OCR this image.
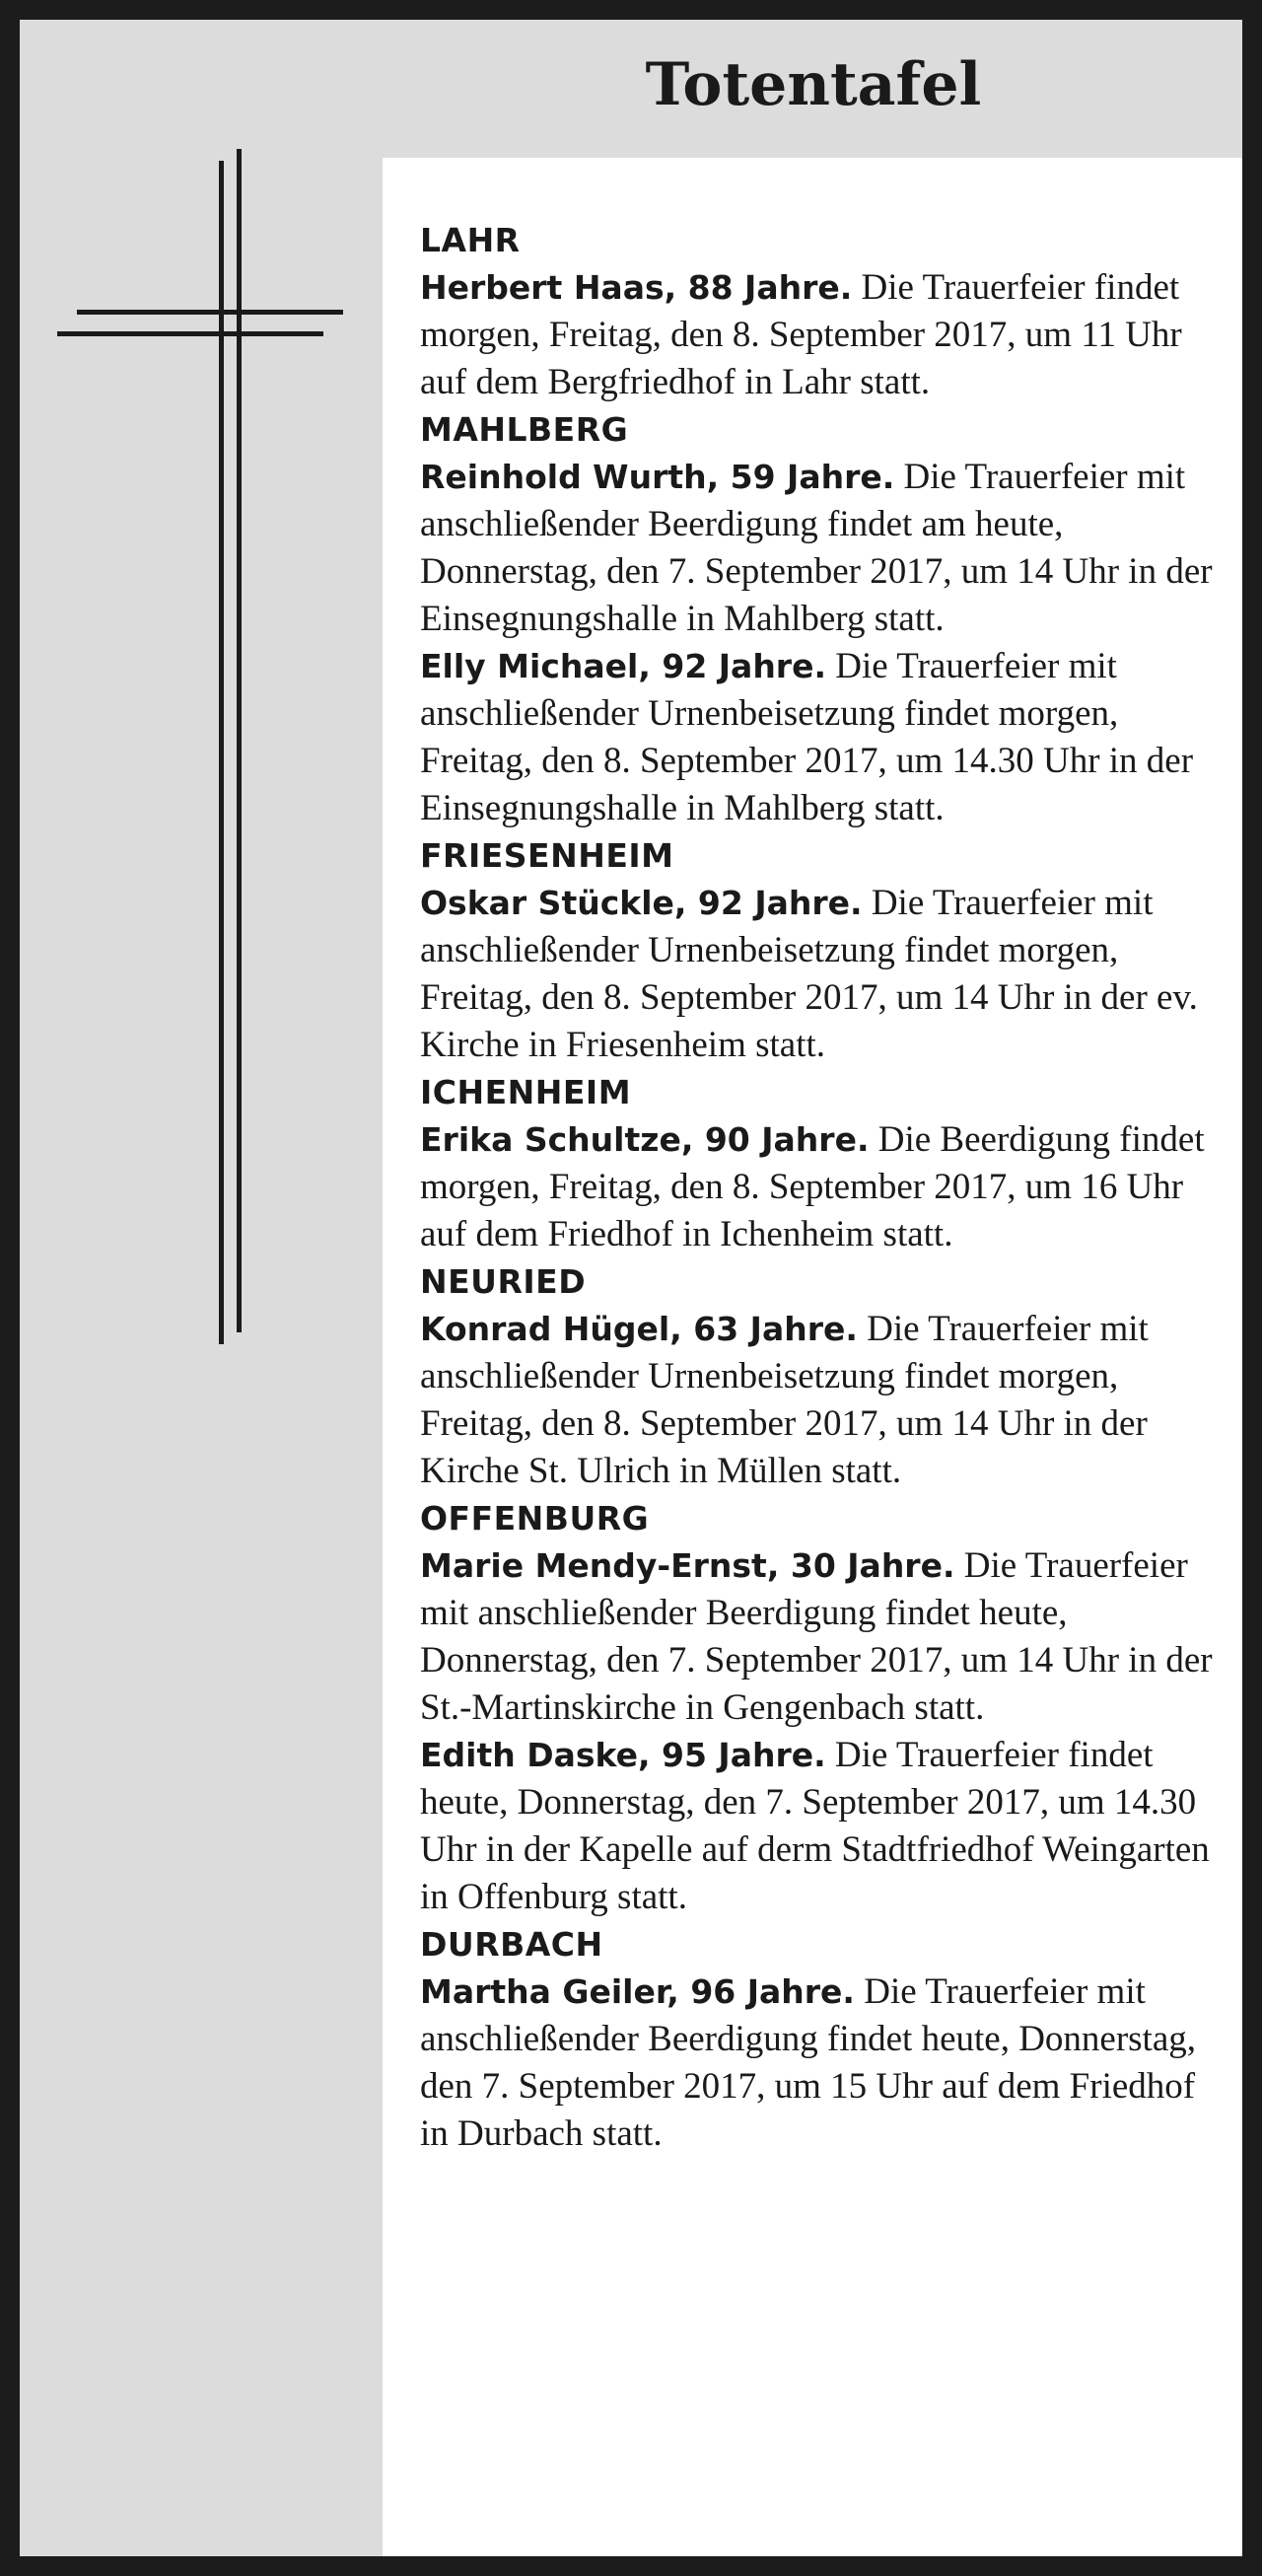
Totentafel
LAHR

Herbert Haas, 88 Jahre. Die Trauerfeier findet morgen, Freitag, den 8. September 2017, um 11 Uhr auf dem Bergfriedhof in Lahr statt.

MAHLBERG

Reinhold Wurth, 59 Jahre. Die Trauerfeier mit anschließender Beerdigung findet am heute, Donnerstag, den 7. September 2017, um 14 Uhr in der Einsegnungshalle in Mahlberg statt.

Elly Michael, 92 Jahre. Die Trauerfeier mit anschließender Urnenbeisetzung findet morgen, Freitag, den 8. September 2017, um 14.30 Uhr in der Einsegnungshalle in Mahlberg statt.

FRIESENHEIM

Oskar Stückle, 92 Jahre. Die Trauerfeier mit anschließender Urnenbeisetzung findet morgen, Freitag, den 8. September 2017, um 14 Uhr in der ev. Kirche in Friesenheim statt.

ICHENHEIM

Erika Schultze, 90 Jahre. Die Beerdigung findet morgen, Freitag, den 8. September 2017, um 16 Uhr auf dem Friedhof in Ichenheim statt.

NEURIED

Konrad Hügel, 63 Jahre. Die Trauerfeier mit anschließender Urnenbeisetzung findet morgen, Freitag, den 8. September 2017, um 14 Uhr in der Kirche St. Ulrich in Müllen statt.

OFFENBURG

Marie Mendy-Ernst, 30 Jahre. Die Trauerfeier mit anschließender Beerdigung findet heute, Donnerstag, den 7. September 2017, um 14 Uhr in der St.-Martinskirche in Gengenbach statt.

Edith Daske, 95 Jahre. Die Trauerfeier findet heute, Donnerstag, den 7. September 2017, um 14.30 Uhr in der Kapelle auf derm Stadtfriedhof Weingarten in Offenburg statt.

DURBACH

Martha Geiler, 96 Jahre. Die Trauerfeier mit anschließender Beerdigung findet heute, Donnerstag, den 7. September 2017, um 15 Uhr auf dem Friedhof in Durbach statt.
